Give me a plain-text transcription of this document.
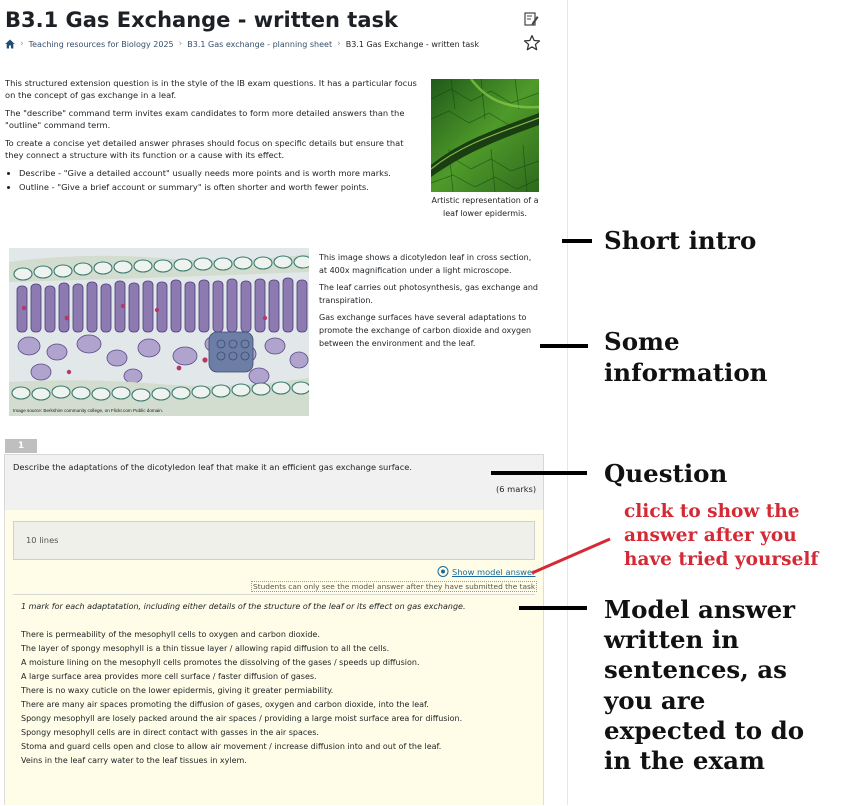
B3.1 Gas Exchange - written task
› Teaching resources for Biology 2025 › B3.1 Gas exchange - planning sheet › B3.1 Gas Exchange - written task

This structured extension question is in the style of the IB exam questions. It has a particular focus on the concept of gas exchange in a leaf.

The "describe" command term invites exam candidates to form more detailed answers than the "outline" command term.

To create a concise yet detailed answer phrases should focus on specific details but ensure that they connect a structure with its function or a cause with its effect.

• Describe - "Give a detailed account" usually needs more points and is worth more marks.
• Outline - "Give a brief account or summary" is often shorter and worth fewer points.
Artistic representation of a leaf lower epidermis.
Image source: Berkshire community college, on Flickr.com Public domain.

This image shows a dicotyledon leaf in cross section, at 400x magnification under a light microscope.

The leaf carries out photosynthesis, gas exchange and transpiration.

Gas exchange surfaces have several adaptations to promote the exchange of carbon dioxide and oxygen between the environment and the leaf.

1
Describe the adaptations of the dicotyledon leaf that make it an efficient gas exchange surface.
(6 marks)
10 lines
Show model answer
Students can only see the model answer after they have submitted the task
1 mark for each adaptatation, including either details of the structure of the leaf or its effect on gas exchange.
There is permeability of the mesophyll cells to oxygen and carbon dioxide.
The layer of spongy mesophyll is a thin tissue layer / allowing rapid diffusion to all the cells.
A moisture lining on the mesophyll cells promotes the dissolving of the gases / speeds up diffusion.
A large surface area provides more cell surface / faster diffusion of gases.
There is no waxy cuticle on the lower epidermis, giving it greater permiability.
There are many air spaces promoting the diffusion of gases, oxygen and carbon dioxide, into the leaf.
Spongy mesophyll are losely packed around the air spaces / providing a large moist surface area for diffusion.
Spongy mesophyll cells are in direct contact with gasses in the air spaces.
Stoma and guard cells open and close to allow air movement / increase diffusion into and out of the leaf.
Veins in the leaf carry water to the leaf tissues in xylem.
Short intro
Some
information
Question
click to show the
answer after you
have tried yourself
Model answer
written in
sentences, as
you are
expected to do
in the exam
